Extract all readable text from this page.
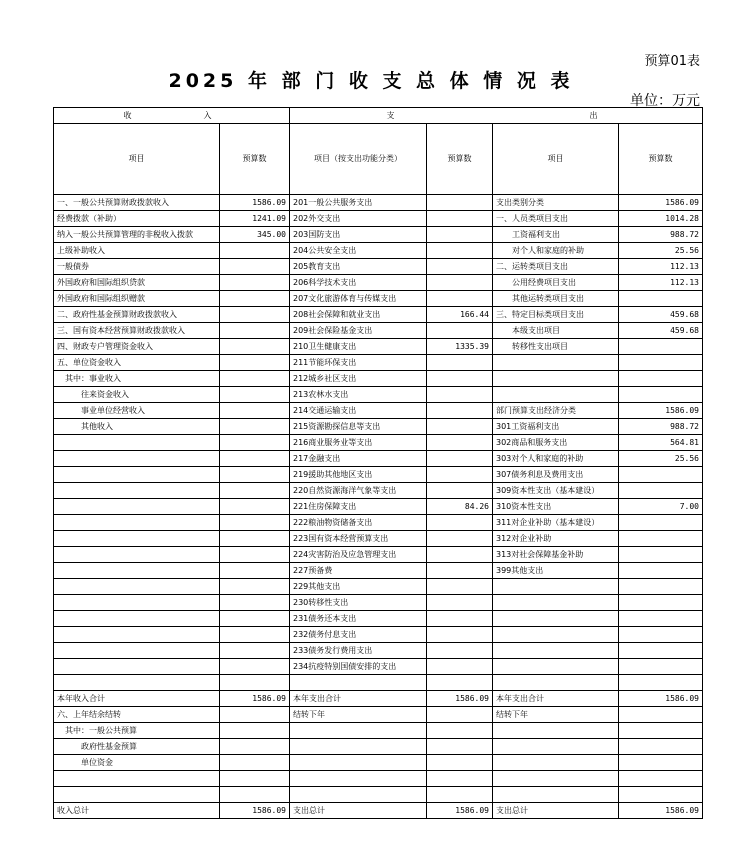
预算01表
2025 年 部 门 收 支 总 体 情 况 表
单位：万元
收　　　　入		支 出			
项目	预算数	项目（按支出功能分类）	预算数	项目	预算数
一、一般公共预算财政拨款收入	1586.09	201一般公共服务支出		支出类别分类	1586.09
经费拨款（补助）	1241.09	202外交支出		一、人员类项目支出	1014.28
纳入一般公共预算管理的非税收入拨款	345.00	203国防支出		　　工资福利支出	988.72
上级补助收入		204公共安全支出		　　对个人和家庭的补助	25.56
一般债券		205教育支出		二、运转类项目支出	112.13
外国政府和国际组织贷款		206科学技术支出		　　公用经费项目支出	112.13
外国政府和国际组织赠款		207文化旅游体育与传媒支出		　　其他运转类项目支出	
二、政府性基金预算财政拨款收入		208社会保障和就业支出	166.44	三、特定目标类项目支出	459.68
三、国有资本经营预算财政拨款收入		209社会保险基金支出		　　本级支出项目	459.68
四、财政专户管理资金收入		210卫生健康支出	1335.39	　　转移性支出项目	
五、单位资金收入		211节能环保支出			
　其中：事业收入		212城乡社区支出			
　　　往来资金收入		213农林水支出			
　　　事业单位经营收入		214交通运输支出		部门预算支出经济分类	1586.09
　　　其他收入		215资源勘探信息等支出		301工资福利支出	988.72
		216商业服务业等支出		302商品和服务支出	564.81
		217金融支出		303对个人和家庭的补助	25.56
		219援助其他地区支出		307债务利息及费用支出	
		220自然资源海洋气象等支出		309资本性支出（基本建设）	
		221住房保障支出	84.26	310资本性支出	7.00
		222粮油物资储备支出		311对企业补助（基本建设）	
		223国有资本经营预算支出		312对企业补助	
		224灾害防治及应急管理支出		313对社会保障基金补助	
		227预备费		399其他支出	
		229其他支出			
		230转移性支出			
		231债务还本支出			
		232债务付息支出			
		233债务发行费用支出			
		234抗疫特别国债安排的支出			

本年收入合计	1586.09	本年支出合计	1586.09	本年支出合计	1586.09
六、上年结余结转		结转下年		结转下年	
　其中：一般公共预算					
　　　政府性基金预算					
　　　单位资金					

收入总计	1586.09	支出总计	1586.09	支出总计	1586.09
